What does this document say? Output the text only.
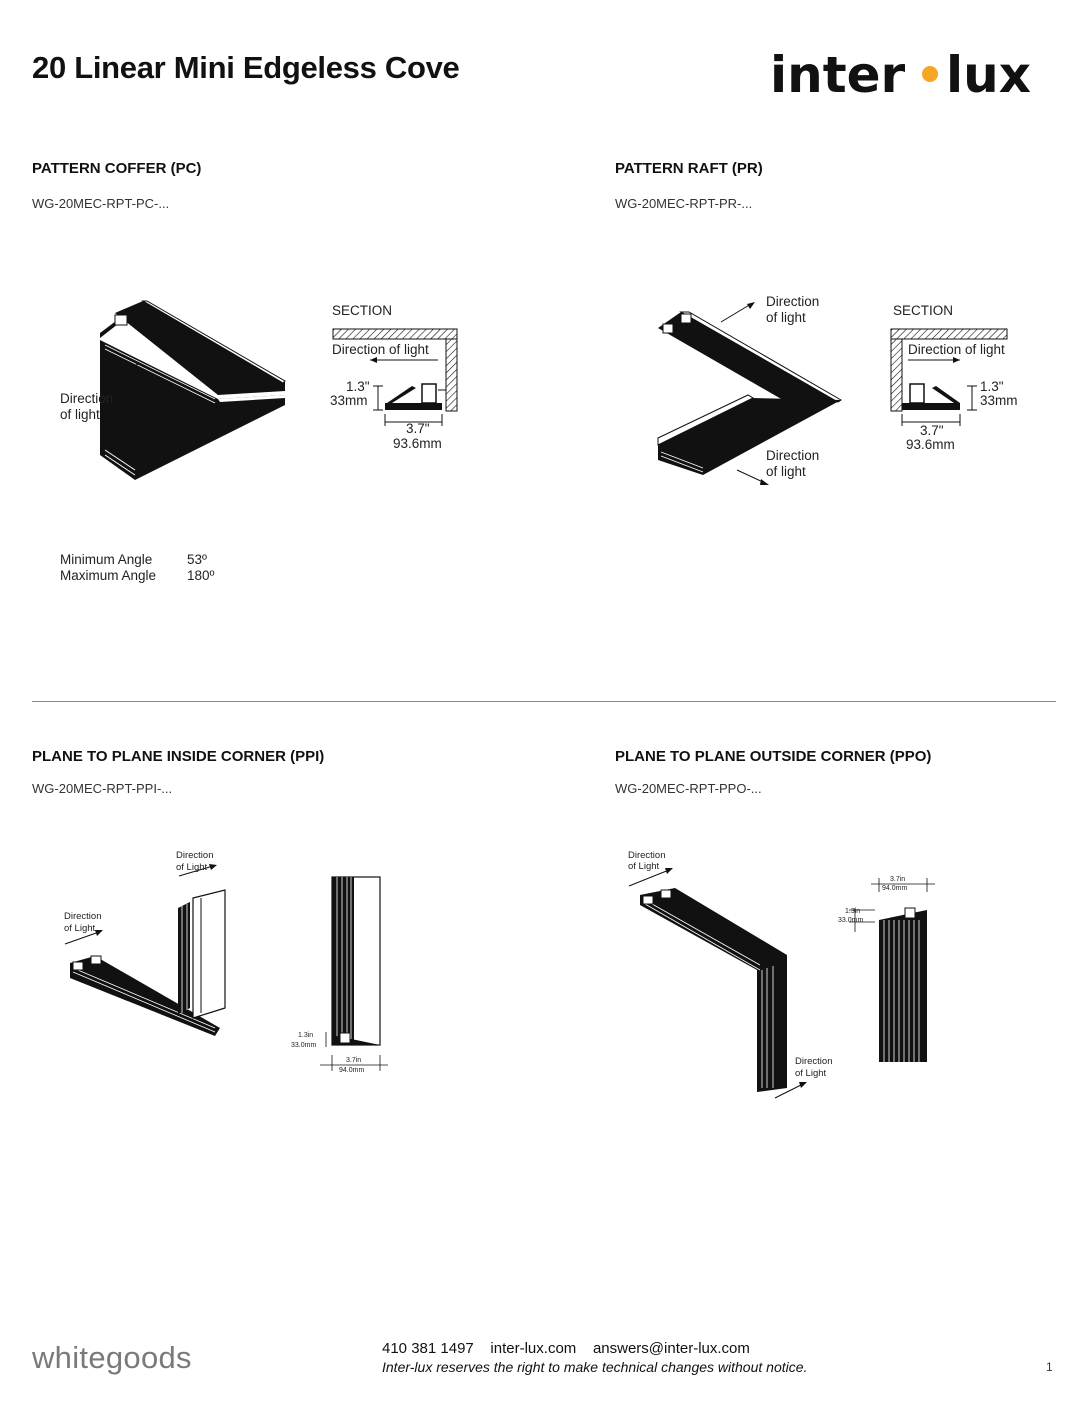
20 Linear Mini Edgeless Cove	inter lux
PATTERN COFFER (PC)
WG-20MEC-RPT-PC-...
Direction
of light
SECTION
Direction of light
1.3"
33mm
3.7"
93.6mm
Minimum Angle	53º
Maximum Angle 180º
PATTERN RAFT (PR)
WG-20MEC-RPT-PR-...
Direction
of light
Direction
of light
SECTION
Direction of light
1.3"
33mm
3.7"
93.6mm
PLANE TO PLANE INSIDE CORNER (PPI)
WG-20MEC-RPT-PPI-...
Direction
of Light
Direction
of Light
1.3in
33.0mm
3.7in
94.0mm
PLANE TO PLANE OUTSIDE CORNER (PPO)
WG-20MEC-RPT-PPO-...
Direction
of Light
Direction
of Light
3.7in
94.0mm
1.3in
33.0mm
whitegoods	410 381 1497    inter-lux.com    answers@inter-lux.com
Inter-lux reserves the right to make technical changes without notice.	1
